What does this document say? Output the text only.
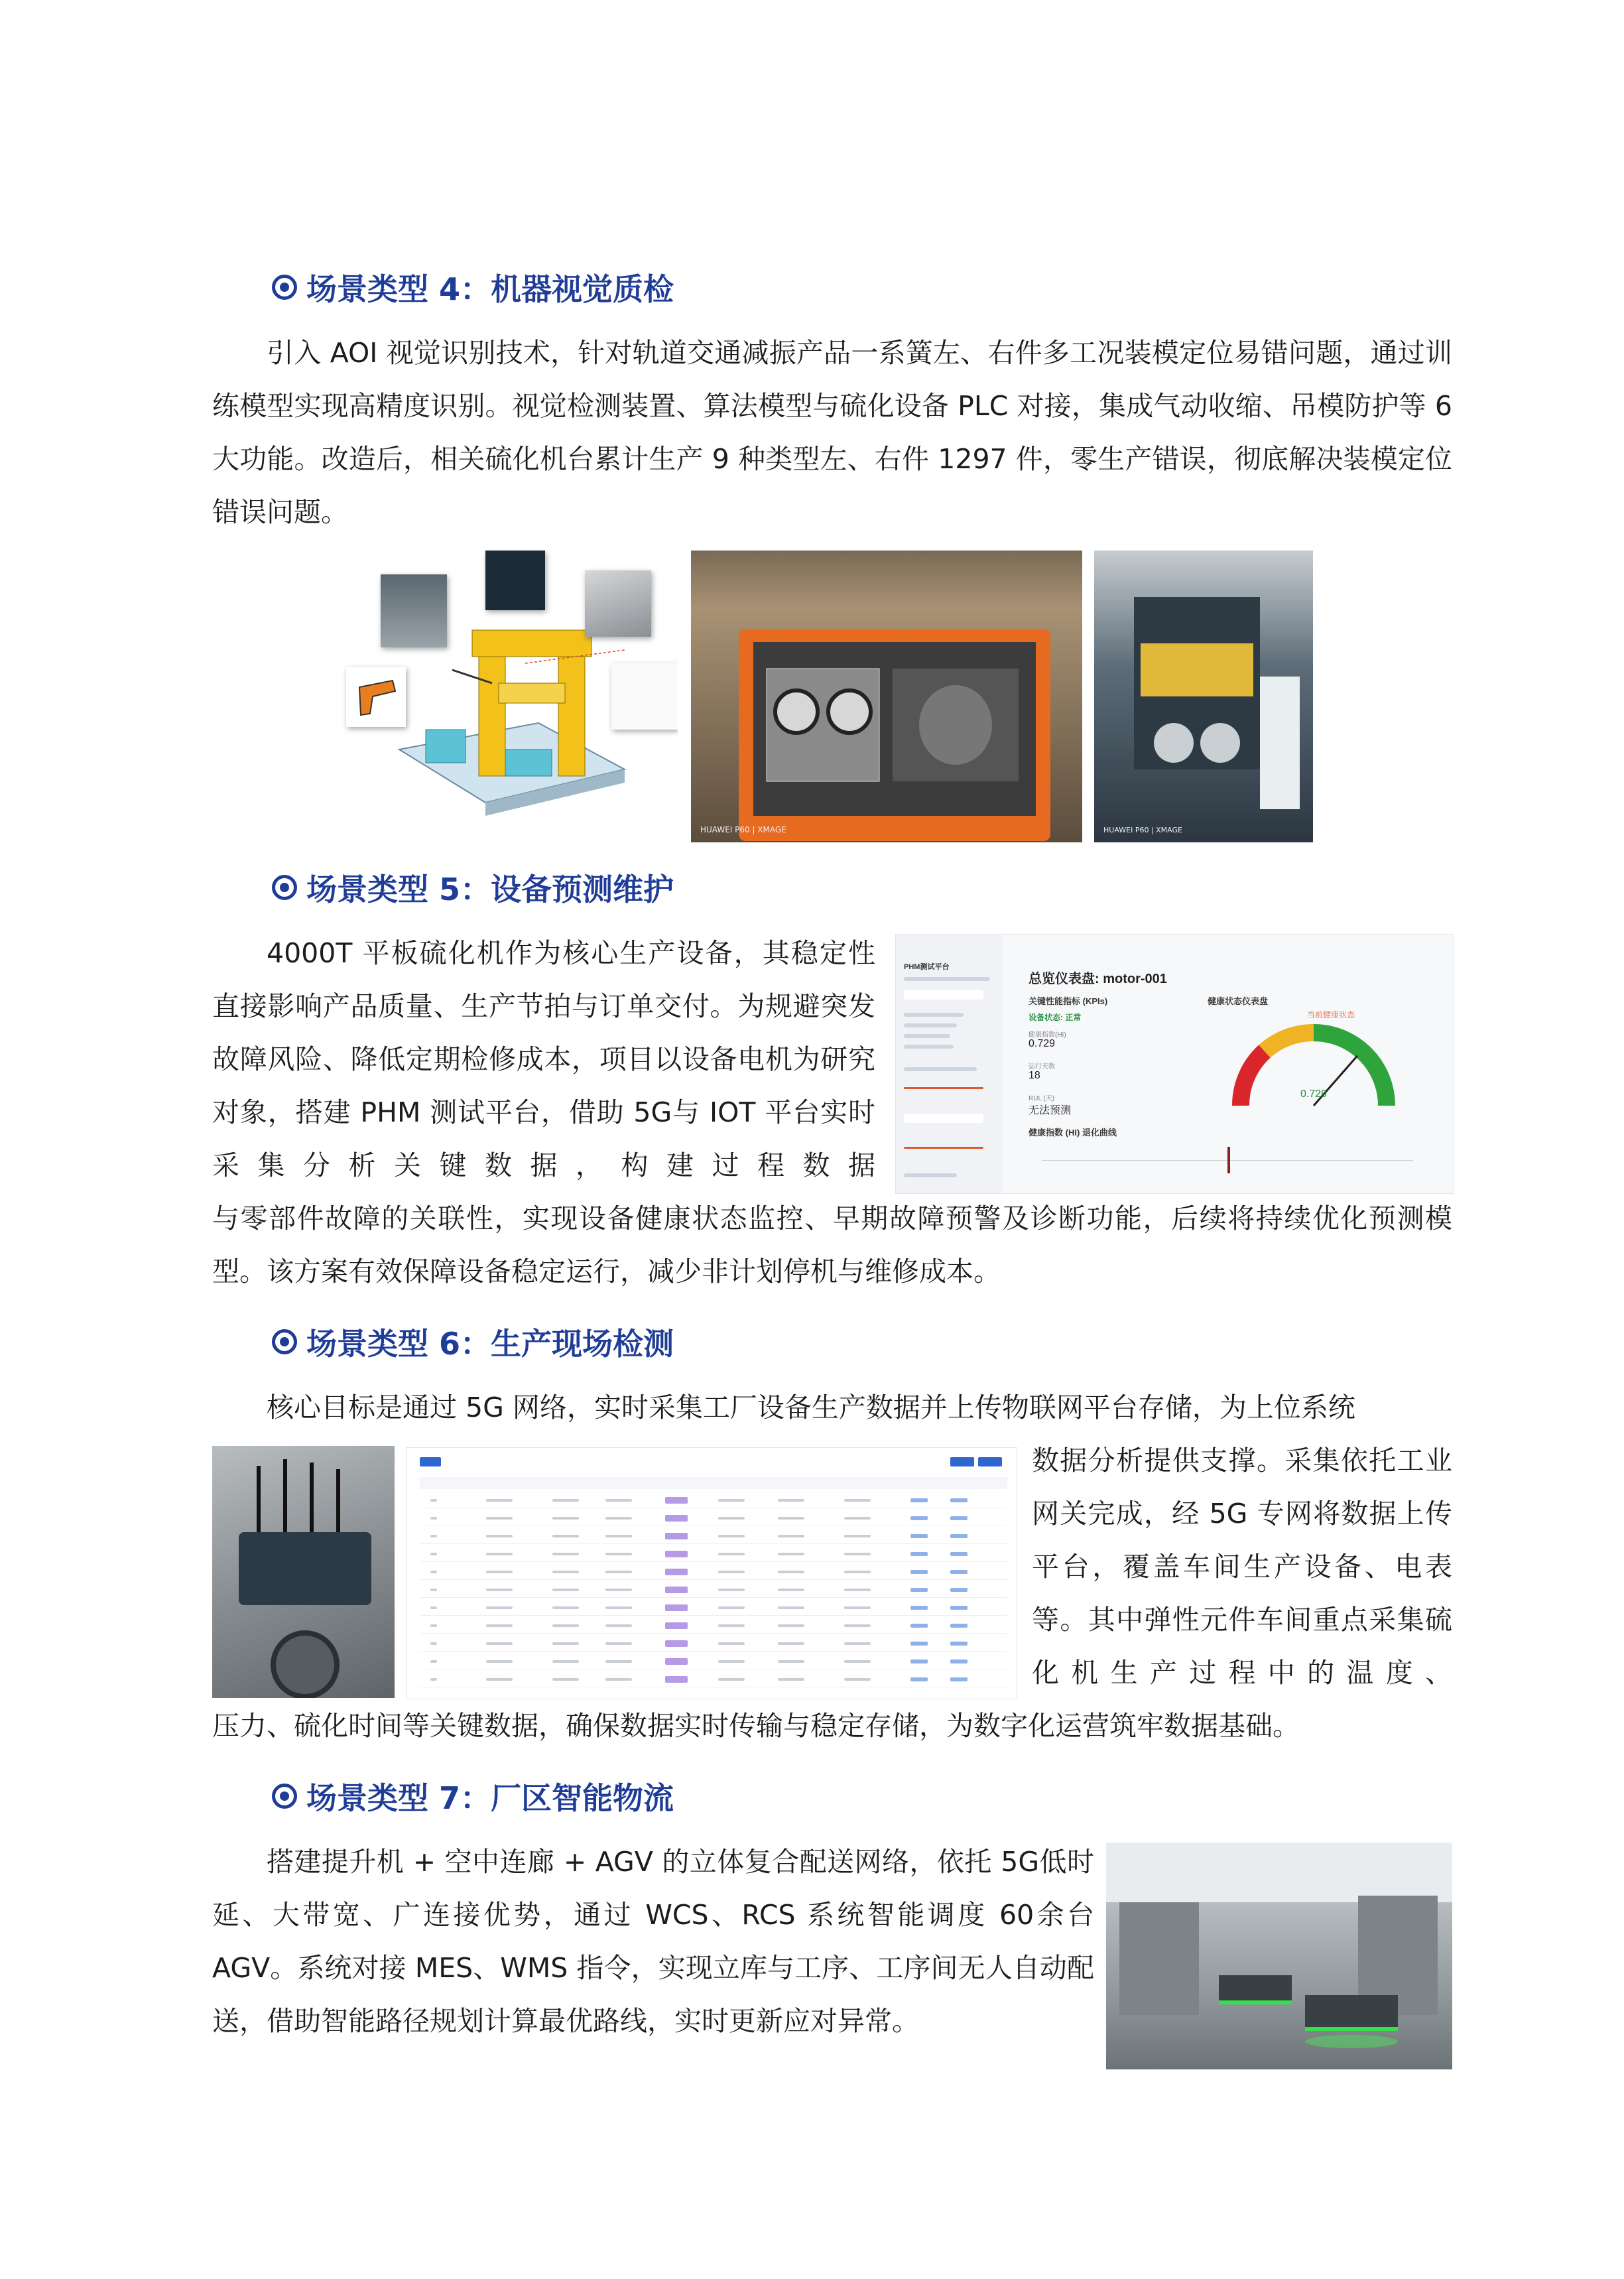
场景类型 4：机器视觉质检

引入 AOI 视觉识别技术，针对轨道交通减振产品一系簧左、右件多工况装模定位易错问题，通过训练模型实现高精度识别。视觉检测装置、算法模型与硫化设备 PLC 对接，集成气动收缩、吊模防护等 6 大功能。改造后，相关硫化机台累计生产 9 种类型左、右件 1297 件，零生产错误，彻底解决装模定位错误问题。

HUAWEI P60 | XMAGE	HUAWEI P60 | XMAGE
场景类型 5：设备预测维护

4000T 平板硫化机作为核心生产设备，其稳定性直接影响产品质量、生产节拍与订单交付。为规避突发故障风险、降低定期检修成本，项目以设备电机为研究对象，搭建 PHM 测试平台，借助 5G与 IOT 平台实时采集分析关键数据，构建过程数据

与零部件故障的关联性，实现设备健康状态监控、早期故障预警及诊断功能，后续将持续优化预测模型。该方案有效保障设备稳定运行，减少非计划停机与维修成本。

PHM测试平台
总览仪表盘: motor-001
关键性能指标 (KPIs)
设备状态: 正常
健康指数(HI)
0.729
运行天数
18
RUL (天)
无法预测
健康指数 (HI) 退化曲线
健康状态仪表盘
当前健康状态
0.729
场景类型 6：生产现场检测

核心目标是通过 5G 网络，实时采集工厂设备生产数据并上传物联网平台存储，为上位系统

数据分析提供支撑。采集依托工业网关完成，经 5G 专网将数据上传平台，覆盖车间生产设备、电表等。其中弹性元件车间重点采集硫化机生产过程中的温度、

压力、硫化时间等关键数据，确保数据实时传输与稳定存储，为数字化运营筑牢数据基础。

场景类型 7：厂区智能物流

搭建提升机 + 空中连廊 + AGV 的立体复合配送网络，依托 5G低时延、大带宽、广连接优势，通过 WCS、RCS 系统智能调度 60余台 AGV。系统对接 MES、WMS 指令，实现立库与工序、工序间无人自动配送，借助智能路径规划计算最优路线，实时更新应对异常。
